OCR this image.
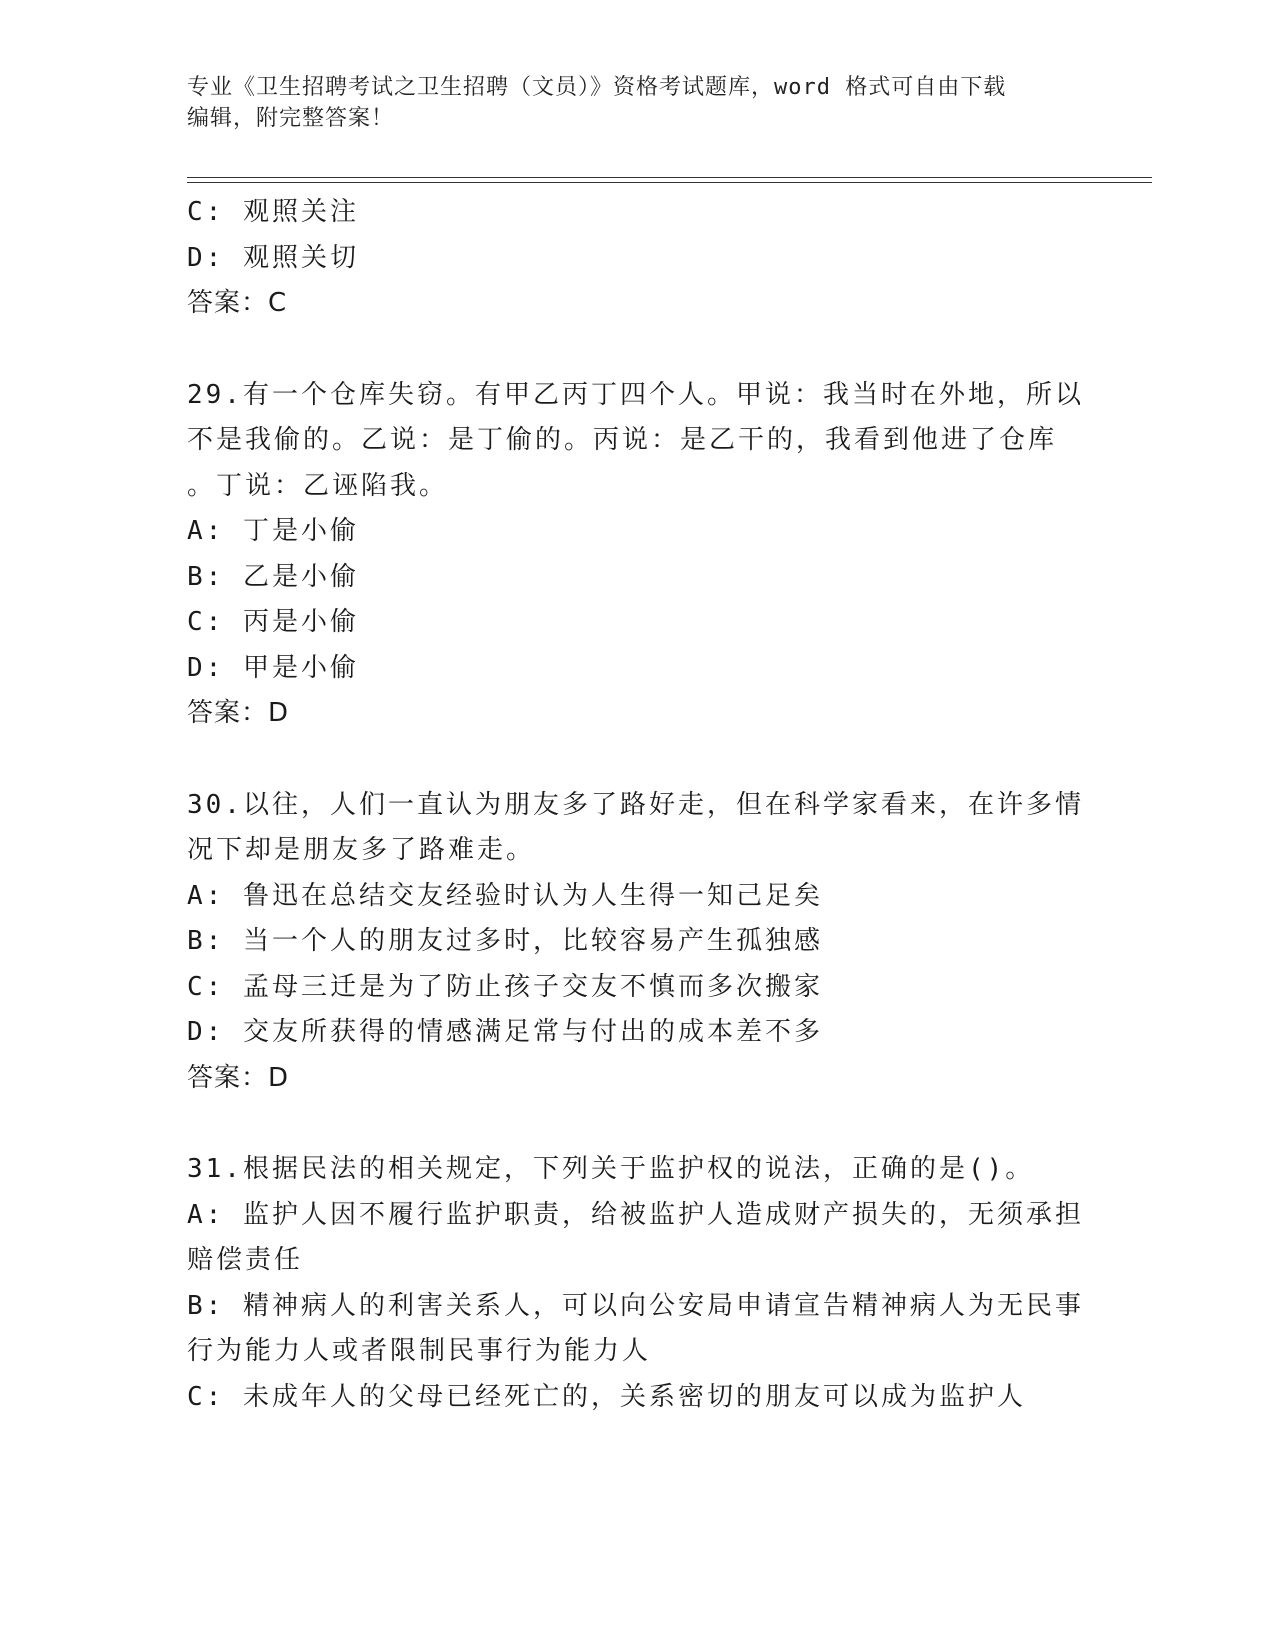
专业《卫生招聘考试之卫生招聘（文员）》资格考试题库，word 格式可自由下载
编辑，附完整答案！
C: 观照关注
D: 观照关切
答案：C
29.有一个仓库失窃。有甲乙丙丁四个人。甲说：我当时在外地，所以
不是我偷的。乙说：是丁偷的。丙说：是乙干的，我看到他进了仓库
。丁说：乙诬陷我。
A: 丁是小偷
B: 乙是小偷
C: 丙是小偷
D: 甲是小偷
答案：D
30.以往，人们一直认为朋友多了路好走，但在科学家看来，在许多情
况下却是朋友多了路难走。
A: 鲁迅在总结交友经验时认为人生得一知己足矣
B: 当一个人的朋友过多时，比较容易产生孤独感
C: 孟母三迁是为了防止孩子交友不慎而多次搬家
D: 交友所获得的情感满足常与付出的成本差不多
答案：D
31.根据民法的相关规定，下列关于监护权的说法，正确的是()。
A: 监护人因不履行监护职责，给被监护人造成财产损失的，无须承担
赔偿责任
B: 精神病人的利害关系人，可以向公安局申请宣告精神病人为无民事
行为能力人或者限制民事行为能力人
C: 未成年人的父母已经死亡的，关系密切的朋友可以成为监护人
